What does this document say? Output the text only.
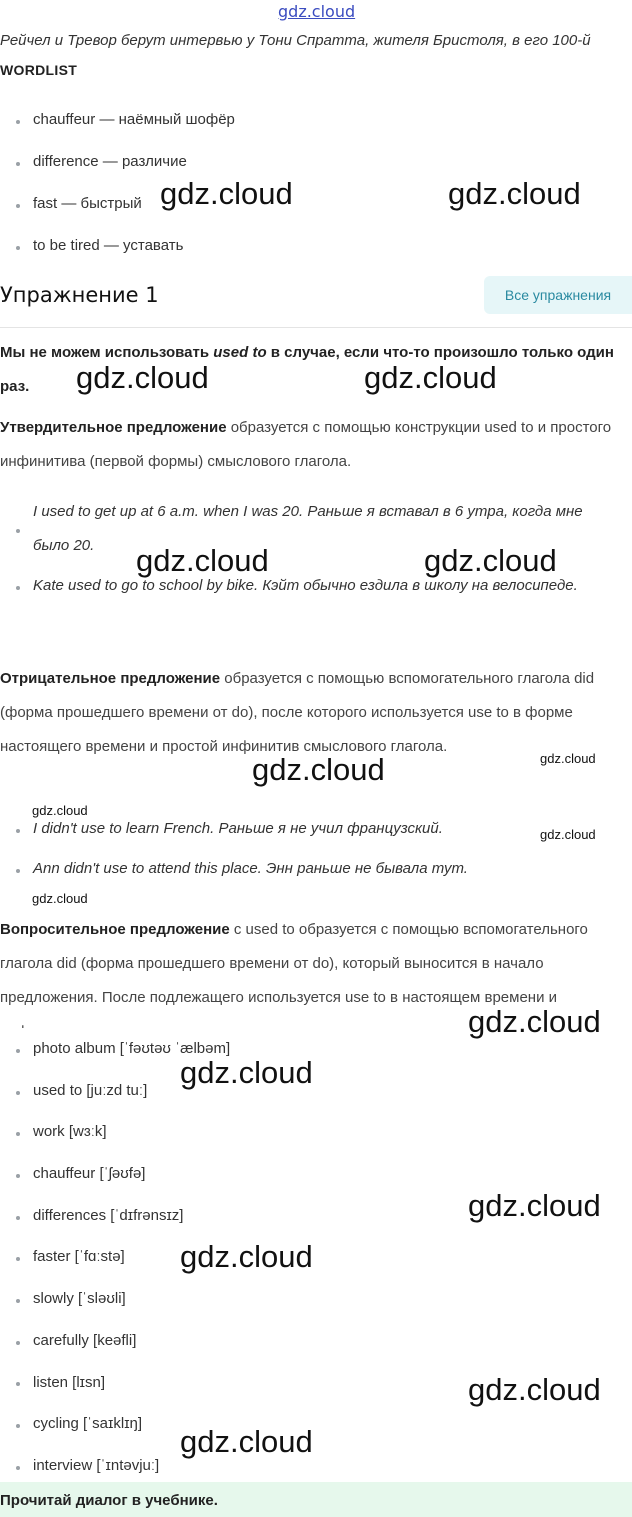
gdz.cloud
Рейчел и Тревор берут интервью у Тони Спратта, жителя Бристоля, в его 100-й
WORDLIST
chauffeur — наёмный шофёр
difference — различие
fast — быстрый
to be tired — уставать
Упражнение 1	Все упражнения
Мы не можем использовать used to в случае, если что-то произошло только один раз.
Утвердительное предложение образуется с помощью конструкции used to и простого инфинитива (первой формы) смыслового глагола.
I used to get up at 6 a.m. when I was 20. Раньше я вставал в 6 утра, когда мне было 20.
Kate used to go to school by bike. Кэйт обычно ездила в школу на велосипеде.
Отрицательное предложение образуется с помощью вспомогательного глагола did (форма прошедшего времени от do), после которого используется use to в форме настоящего времени и простой инфинитив смыслового глагола.
I didn't use to learn French. Раньше я не учил французский.
Ann didn't use to attend this place. Энн раньше не бывала тут.
Вопросительное предложение с used to образуется с помощью вспомогательного глагола did (форма прошедшего времени от do), который выносится в начало предложения. После подлежащего используется use to в настоящем времени и
photo album [ˈfəʊtəʊ ˈælbəm]
used to [juːzd tuː]
work [wɜːk]
chauffeur [ˈʃəʊfə]
differences [ˈdɪfrənsɪz]
faster [ˈfɑːstə]
slowly [ˈsləʊli]
carefully [keəfli]
listen [lɪsn]
cycling [ˈsaɪklɪŋ]
interview [ˈɪntəvjuː]
Прочитай диалог в учебнике.
gdz.cloud	gdz.cloud
gdz.cloud	gdz.cloud
gdz.cloud	gdz.cloud
gdz.cloud	gdz.cloud
gdz.cloud
gdz.cloud
gdz.cloud
gdz.cloud
gdz.cloud
gdz.cloud
gdz.cloud
gdz.cloud
gdz.cloud
